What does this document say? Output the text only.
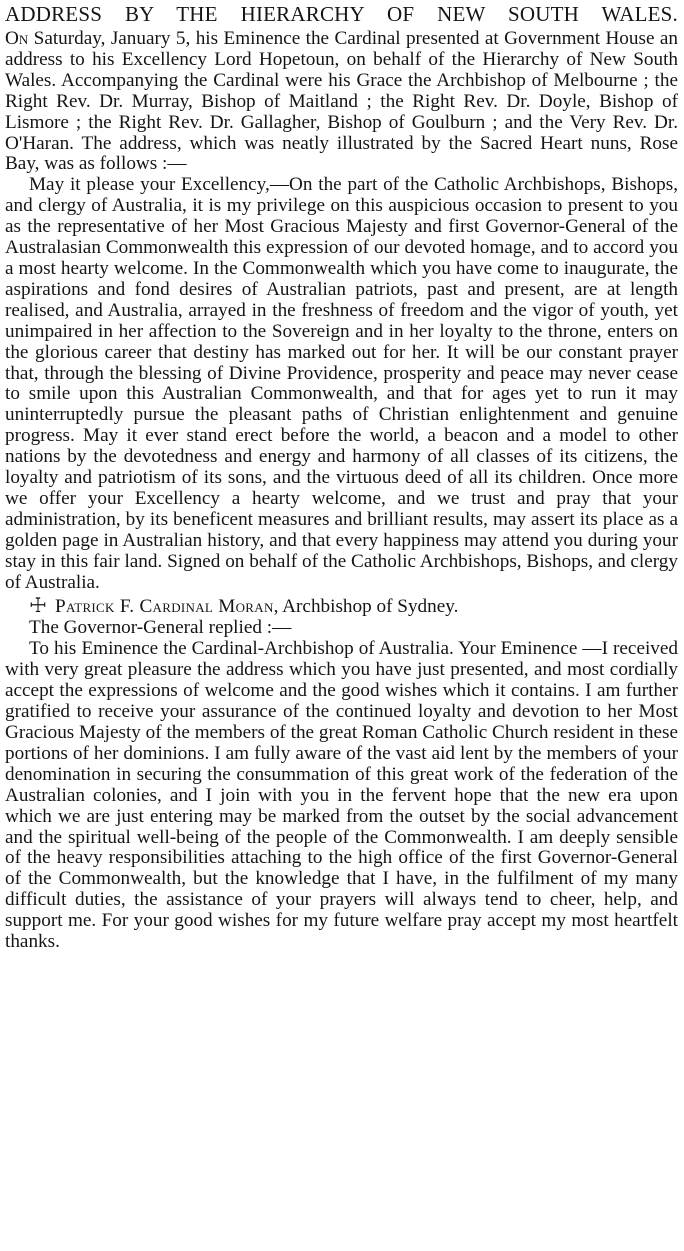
ADDRESS BY THE HIERARCHY OF NEW SOUTH WALES.

On Saturday, January 5, his Eminence the Cardinal presented at Government House an address to his Excellency Lord Hopetoun, on behalf of the Hierarchy of New South Wales. Accompanying the Cardinal were his Grace the Archbishop of Melbourne ; the Right Rev. Dr. Murray, Bishop of Maitland ; the Right Rev. Dr. Doyle, Bishop of Lismore ; the Right Rev. Dr. Gallagher, Bishop of Goulburn ; and the Very Rev. Dr. O'Haran. The address, which was neatly illustrated by the Sacred Heart nuns, Rose Bay, was as follows :—

May it please your Excellency,—On the part of the Catholic Archbishops, Bishops, and clergy of Australia, it is my privilege on this auspicious occasion to present to you as the representative of her Most Gracious Majesty and first Governor-General of the Australasian Commonwealth this expression of our devoted homage, and to accord you a most hearty welcome. In the Commonwealth which you have come to inaugurate, the aspirations and fond desires of Australian patriots, past and present, are at length realised, and Australia, arrayed in the freshness of freedom and the vigor of youth, yet unimpaired in her affection to the Sovereign and in her loyalty to the throne, enters on the glorious career that destiny has marked out for her. It will be our constant prayer that, through the blessing of Divine Providence, prosperity and peace may never cease to smile upon this Australian Commonwealth, and that for ages yet to run it may uninterruptedly pursue the pleasant paths of Christian enlightenment and genuine progress. May it ever stand erect before the world, a beacon and a model to other nations by the devotedness and energy and harmony of all classes of its citizens, the loyalty and patriotism of its sons, and the virtuous deed of all its children. Once more we offer your Excellency a hearty welcome, and we trust and pray that your administration, by its beneficent measures and brilliant results, may assert its place as a golden page in Australian history, and that every happiness may attend you during your stay in this fair land. Signed on behalf of the Catholic Archbishops, Bishops, and clergy of Australia.

☩ Patrick F. Cardinal Moran, Archbishop of Sydney.

The Governor-General replied :—

To his Eminence the Cardinal-Archbishop of Australia. Your Eminence —I received with very great pleasure the address which you have just presented, and most cordially accept the expressions of welcome and the good wishes which it contains. I am further gratified to receive your assurance of the continued loyalty and devotion to her Most Gracious Majesty of the members of the great Roman Catholic Church resident in these portions of her dominions. I am fully aware of the vast aid lent by the members of your denomination in securing the consummation of this great work of the federation of the Australian colonies, and I join with you in the fervent hope that the new era upon which we are just entering may be marked from the outset by the social advancement and the spiritual well-being of the people of the Commonwealth. I am deeply sensible of the heavy responsibilities attaching to the high office of the first Governor-General of the Commonwealth, but the knowledge that I have, in the fulfilment of my many difficult duties, the assistance of your prayers will always tend to cheer, help, and support me. For your good wishes for my future welfare pray accept my most heartfelt thanks.
